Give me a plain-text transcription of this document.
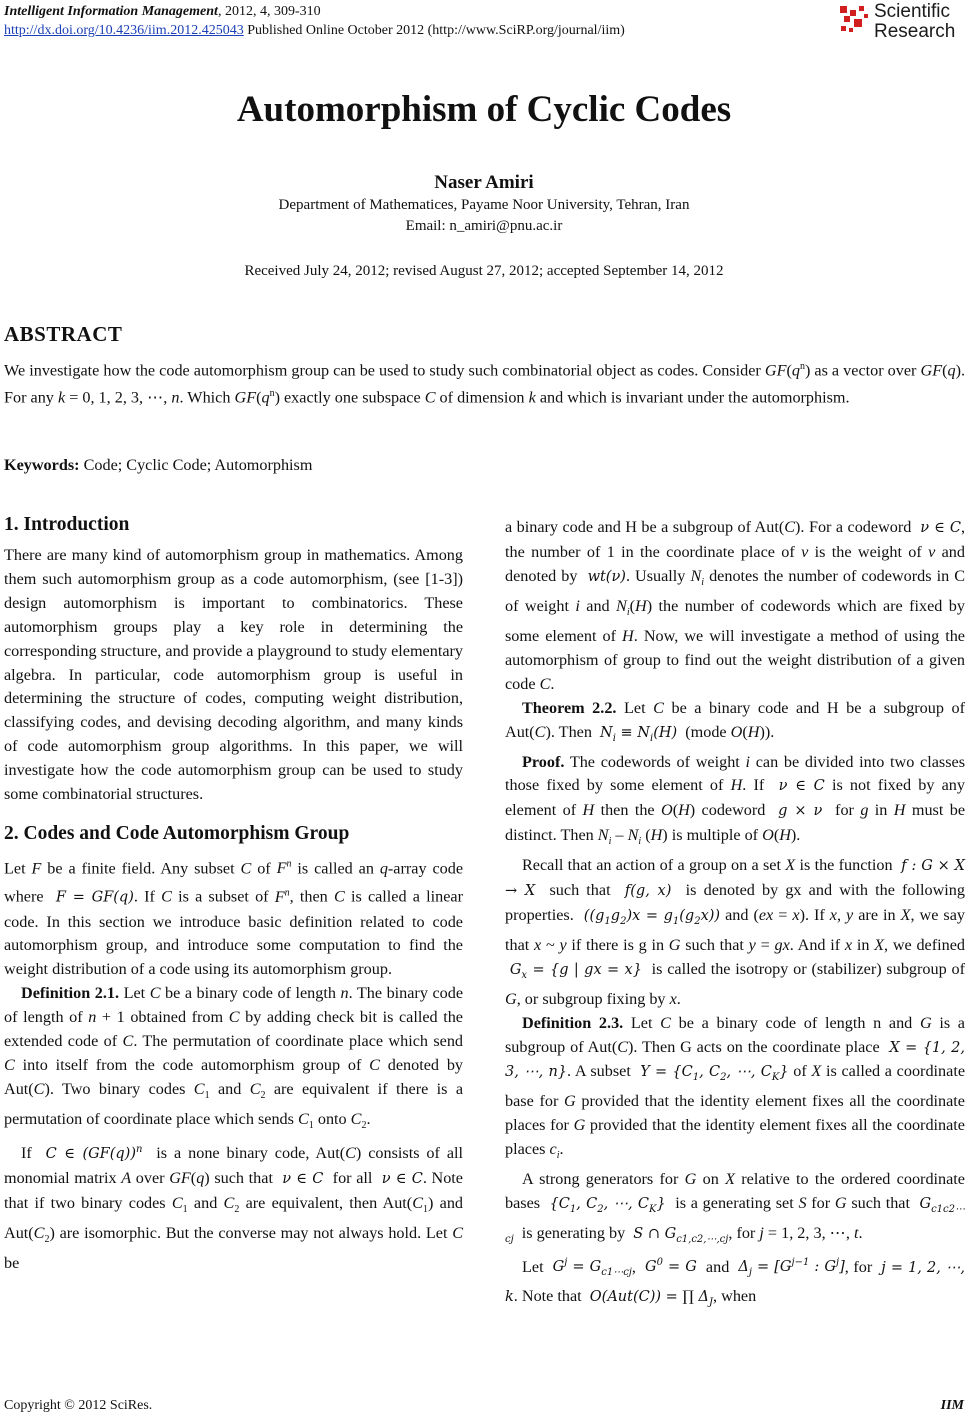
Intelligent Information Management, 2012, 4, 309-310
http://dx.doi.org/10.4236/iim.2012.425043 Published Online October 2012 (http://www.SciRP.org/journal/iim)
Scientific
Research
Automorphism of Cyclic Codes
Naser Amiri
Department of Mathematices, Payame Noor University, Tehran, Iran
Email: n_amiri@pnu.ac.ir
Received July 24, 2012; revised August 27, 2012; accepted September 14, 2012
ABSTRACT
We investigate how the code automorphism group can be used to study such combinatorial object as codes. Consider $GF(q^n)$ as a vector over GF(q). For any k = 0, 1, 2, 3, ⋯, n. Which $GF(q^n)$ exactly one subspace C of dimension k and which is invariant under the automorphism.
Keywords: Code; Cyclic Code; Automorphism
1. Introduction

There are many kind of automorphism group in mathematics. Among them such automorphism group as a code automorphism, (see [1-3]) design automorphism is important to combinatorics. These automorphism groups play a key role in determining the corresponding structure, and provide a playground to study elementary algebra. In particular, code automorphism group is useful in determining the structure of codes, computing weight distribution, classifying codes, and devising decoding algorithm, and many kinds of code automorphism group algorithms. In this paper, we will investigate how the code automorphism group can be used to study some combinatorial structures.

2. Codes and Code Automorphism Group

Let F be a finite field. Any subset C of $F^n$ is called an q-array code where  F = GF(q). If C is a subset of $F^n$, then C is called a linear code. In this section we introduce basic definition related to code automorphism group, and introduce some computation to find the weight distribution of a code using its automorphism group.

Definition 2.1. Let C be a binary code of length n. The binary code of length of n + 1 obtained from C by adding check bit is called the extended code of C. The permutation of coordinate place which send C into itself from the code automorphism group of C denoted by Aut(C). Two binary codes $C_1$ and $C_2$ are equivalent if there is a permutation of coordinate place which sends $C_1$ onto $C_2$.

If  C ∈ $(GF(q))^n$  is a none binary code, Aut(C) consists of all monomial matrix A over GF(q) such that  ν ∈ C  for all  ν ∈ C. Note that if two binary codes $C_1$ and $C_2$ are equivalent, then $Aut(C_1)$ and $Aut(C_2)$ are isomorphic. But the converse may not always hold. Let C be

a binary code and H be a subgroup of Aut(C). For a codeword  ν ∈ C, the number of 1 in the coordinate place of v is the weight of v and denoted by  wt(ν). Usually $N_i$ denotes the number of codewords in C of weight i and $N_i(H)$ the number of codewords which are fixed by some element of H. Now, we will investigate a method of using the automorphism of group to find out the weight distribution of a given code C.

Theorem 2.2. Let C be a binary code and H be a subgroup of Aut(C). Then  $N_i \equiv N_i(H)$  (mode O(H)).

Proof. The codewords of weight i can be divided into two classes those fixed by some element of H. If  ν ∈ C is not fixed by any element of H then the O(H) codeword  g × ν  for g in H must be distinct. Then $N_i - N_i$ (H) is multiple of O(H).

Recall that an action of a group on a set X is the function  f : G × X → X  such that  f(g, x)  is denoted by gx and with the following properties.  $((g_1g_2)x = g_1(g_2x))$ and (ex = x). If x, y are in X, we say that x ~ y if there is g in G such that y = gx. And if x in X, we defined  $G_x = \{g$ | gx = x}  is called the isotropy or (stabilizer) subgroup of G, or subgroup fixing by x.

Definition 2.3. Let C be a binary code of length n and G is a subgroup of Aut(C). Then G acts on the coordinate place  X = {1, 2, 3, ⋯, n}. A subset  $Y = \{C_1$, $C_2$, ⋯, $C_K$} of X is called a coordinate base for G provided that the identity element fixes all the coordinate places for G provided that the identity element fixes all the coordinate places $c_i$.

A strong generators for G on X relative to the ordered coordinate bases  {$C_1$, $C_2$, ⋯, $C_K$}  is a generating set S for G such that  $G_{c1c2\cdots cj}$  is generating by  S ∩ $G_{c1,c2,\cdots,cj}$, for j = 1, 2, 3, ⋯, t.

Let  $G^j = G_{c1\cdots cj}$,  $G^0 = G$  and  $\Delta_j = [G^{j-1}$ : $G^j$], for  j = 1, 2, ⋯, k. Note that  O(Aut(C)) = ∏ $\Delta_J$, when

Copyright © 2012 SciRes.	IIM
